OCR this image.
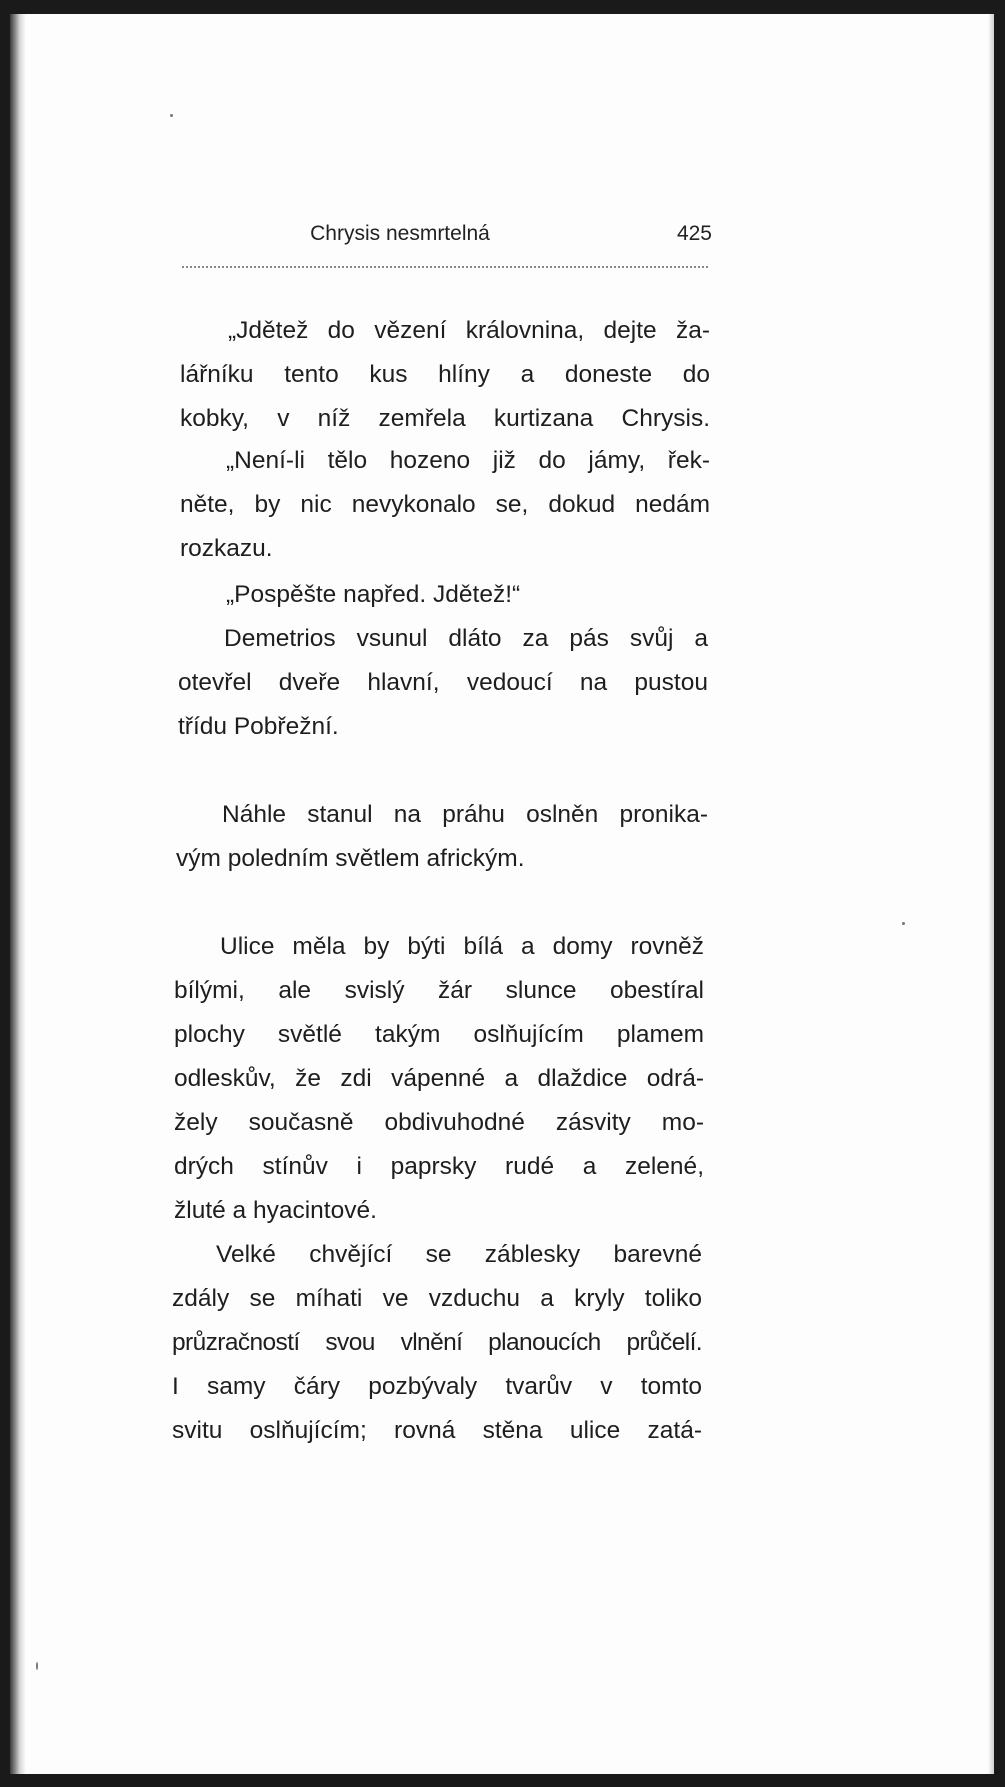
Chrysis nesmrtelná	425
„Jdětež do vězení královnina, dejte ža-
lářníku tento kus hlíny a doneste do
kobky, v níž zemřela kurtizana Chrysis.
„Není-li tělo hozeno již do jámy, řek-
něte, by nic nevykonalo se, dokud nedám
rozkazu.
„Pospěšte napřed. Jdětež!“
Demetrios vsunul dláto za pás svůj a
otevřel dveře hlavní, vedoucí na pustou
třídu Pobřežní.
Náhle stanul na práhu oslněn pronika-
vým poledním světlem africkým.
Ulice měla by býti bílá a domy rovněž
bílými, ale svislý žár slunce obestíral
plochy světlé takým oslňujícím plamem
odleskův, že zdi vápenné a dlaždice odrá-
žely současně obdivuhodné zásvity mo-
drých stínův i paprsky rudé a zelené,
žluté a hyacintové.
Velké chvějící se záblesky barevné
zdály se míhati ve vzduchu a kryly toliko
průzračností svou vlnění planoucích průčelí.
I samy čáry pozbývaly tvarův v tomto
svitu oslňujícím; rovná stěna ulice zatá-
